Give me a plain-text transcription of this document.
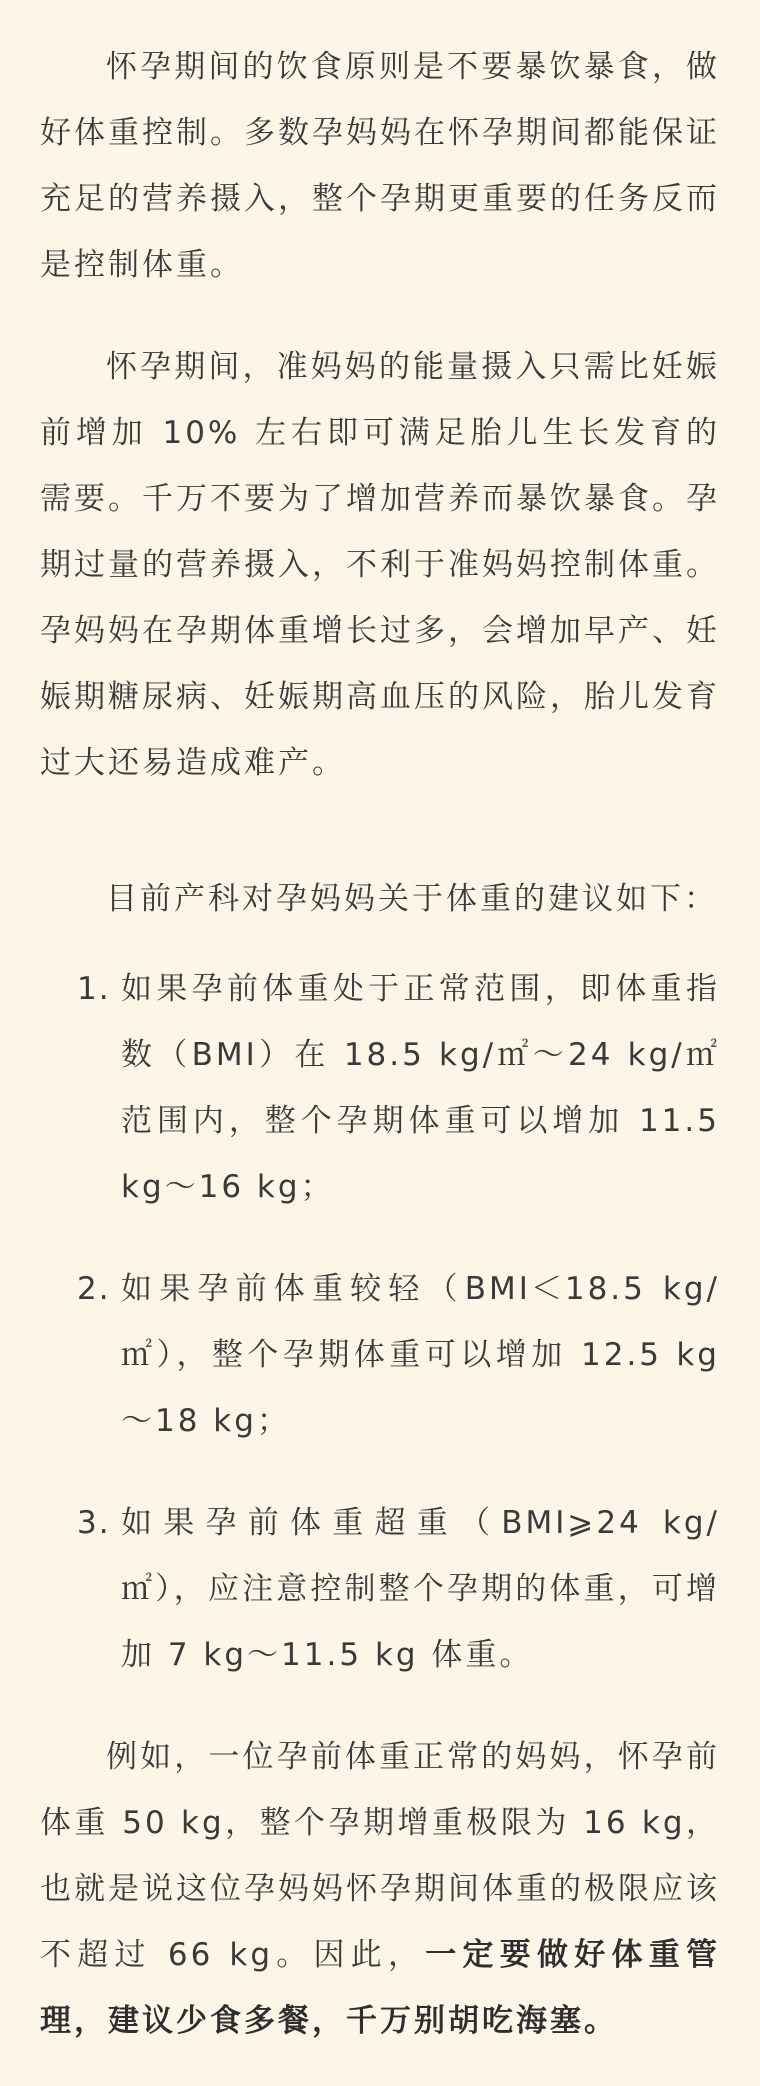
怀孕期间的饮食原则是不要暴饮暴食，做好体重控制。多数孕妈妈在怀孕期间都能保证充足的营养摄入，整个孕期更重要的任务反而是控制体重。

怀孕期间，准妈妈的能量摄入只需比妊娠前增加 10% 左右即可满足胎儿生长发育的需要。千万不要为了增加营养而暴饮暴食。孕期过量的营养摄入，不利于准妈妈控制体重。孕妈妈在孕期体重增长过多，会增加早产、妊娠期糖尿病、妊娠期高血压的风险，胎儿发育过大还易造成难产。

目前产科对孕妈妈关于体重的建议如下：

1. 如果孕前体重处于正常范围，即体重指数（BMI）在 18.5 kg/㎡～24 kg/㎡范围内，整个孕期体重可以增加 11.5 kg～16 kg；
2. 如果孕前体重较轻（BMI＜18.5 kg/㎡），整个孕期体重可以增加 12.5 kg～18 kg；
3. 如果孕前体重超重（BMI⩾24 kg/㎡），应注意控制整个孕期的体重，可增加 7 kg～11.5 kg 体重。

例如，一位孕前体重正常的妈妈，怀孕前体重 50 kg，整个孕期增重极限为 16 kg，也就是说这位孕妈妈怀孕期间体重的极限应该不超过 66 kg。因此，一定要做好体重管理，建议少食多餐，千万别胡吃海塞。
